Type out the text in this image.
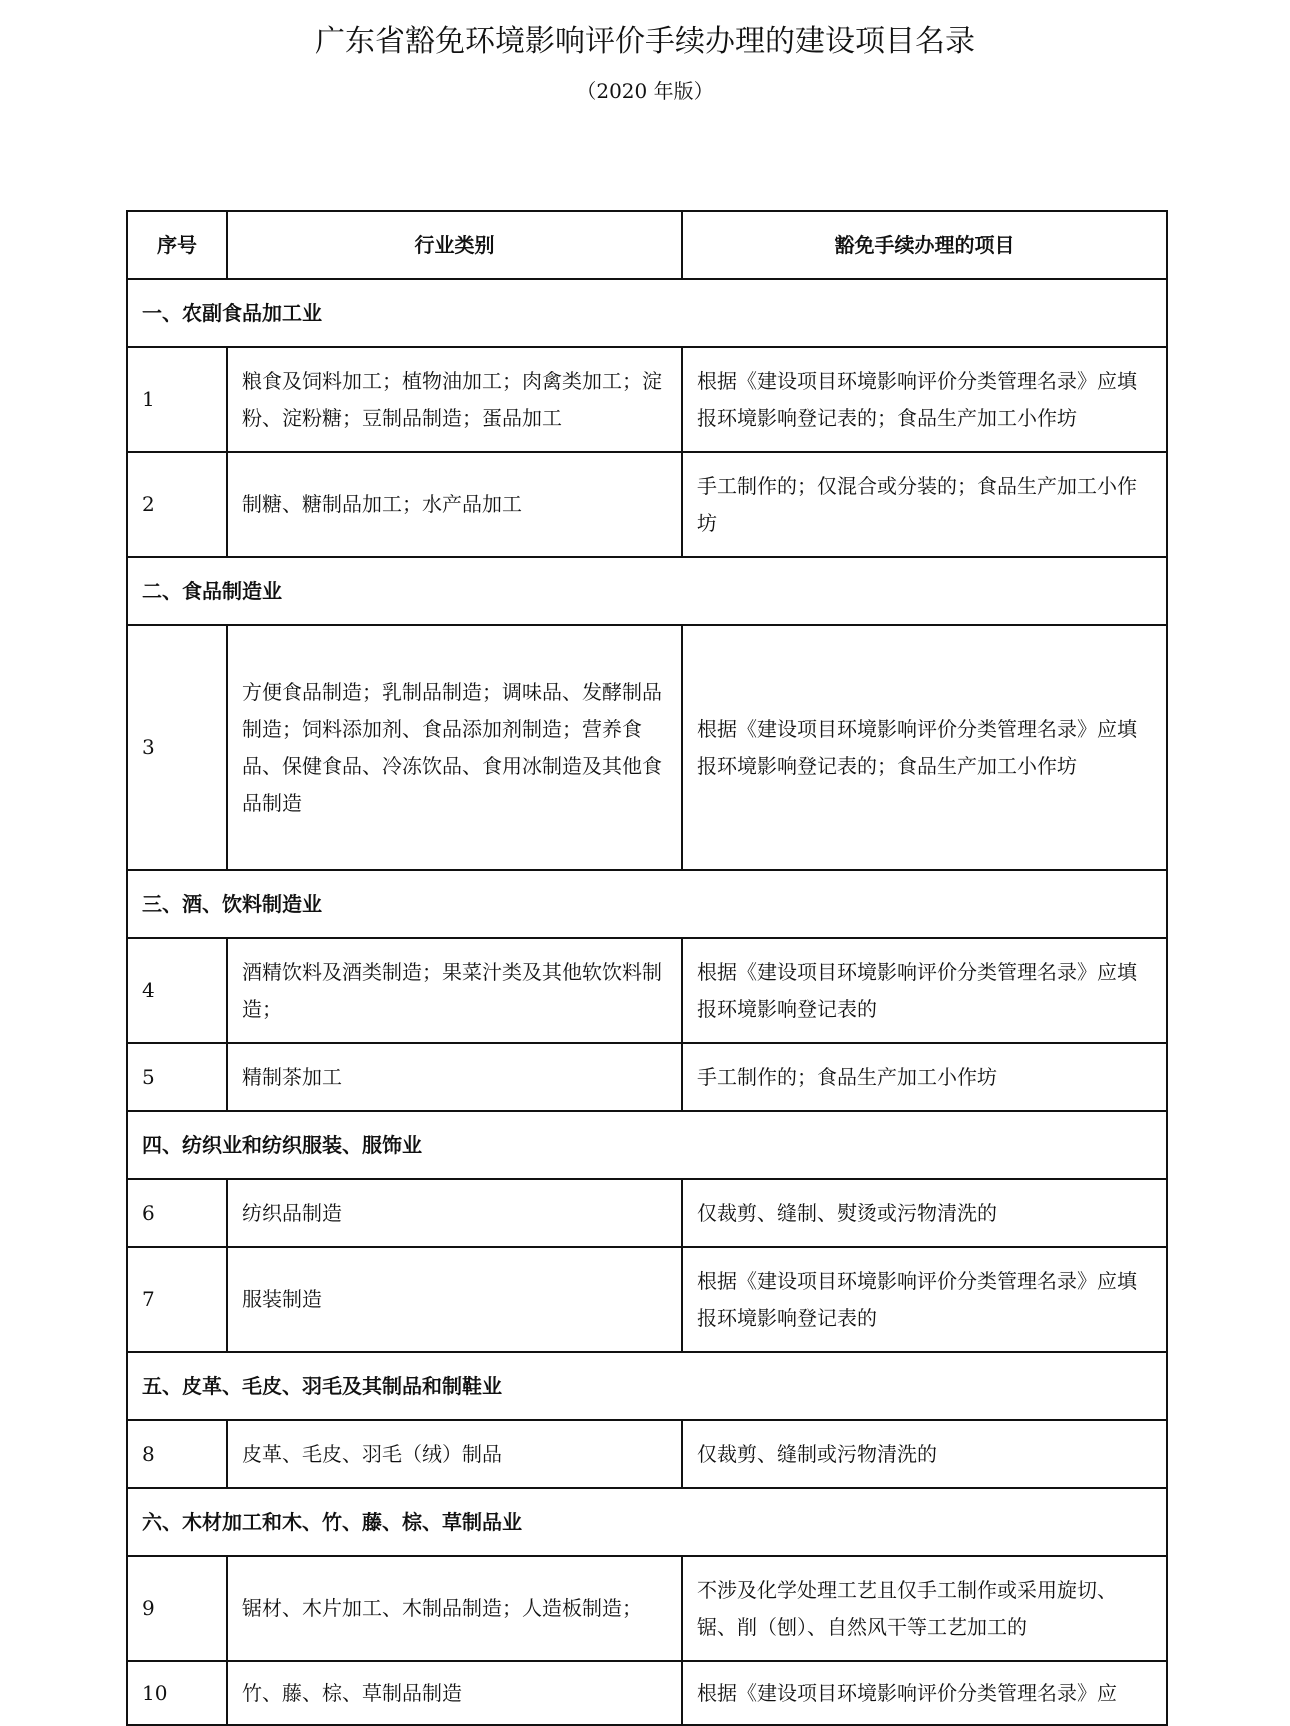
广东省豁免环境影响评价手续办理的建设项目名录
（2020 年版）
序号	行业类别	豁免手续办理的项目
一、农副食品加工业		
1	粮食及饲料加工；植物油加工；肉禽类加工；淀粉、淀粉糖；豆制品制造；蛋品加工	根据《建设项目环境影响评价分类管理名录》应填报环境影响登记表的；食品生产加工小作坊
2	制糖、糖制品加工；水产品加工	手工制作的；仅混合或分装的；食品生产加工小作坊
二、食品制造业		
3	方便食品制造；乳制品制造；调味品、发酵制品制造；饲料添加剂、食品添加剂制造；营养食品、保健食品、冷冻饮品、食用冰制造及其他食品制造	根据《建设项目环境影响评价分类管理名录》应填报环境影响登记表的；食品生产加工小作坊
三、酒、饮料制造业		
4	酒精饮料及酒类制造；果菜汁类及其他软饮料制造；	根据《建设项目环境影响评价分类管理名录》应填报环境影响登记表的
5	精制茶加工	手工制作的；食品生产加工小作坊
四、纺织业和纺织服装、服饰业		
6	纺织品制造	仅裁剪、缝制、熨烫或污物清洗的
7	服装制造	根据《建设项目环境影响评价分类管理名录》应填报环境影响登记表的
五、皮革、毛皮、羽毛及其制品和制鞋业		
8	皮革、毛皮、羽毛（绒）制品	仅裁剪、缝制或污物清洗的
六、木材加工和木、竹、藤、棕、草制品业		
9	锯材、木片加工、木制品制造；人造板制造；	不涉及化学处理工艺且仅手工制作或采用旋切、锯、削（刨）、自然风干等工艺加工的
10	竹、藤、棕、草制品制造	根据《建设项目环境影响评价分类管理名录》应
